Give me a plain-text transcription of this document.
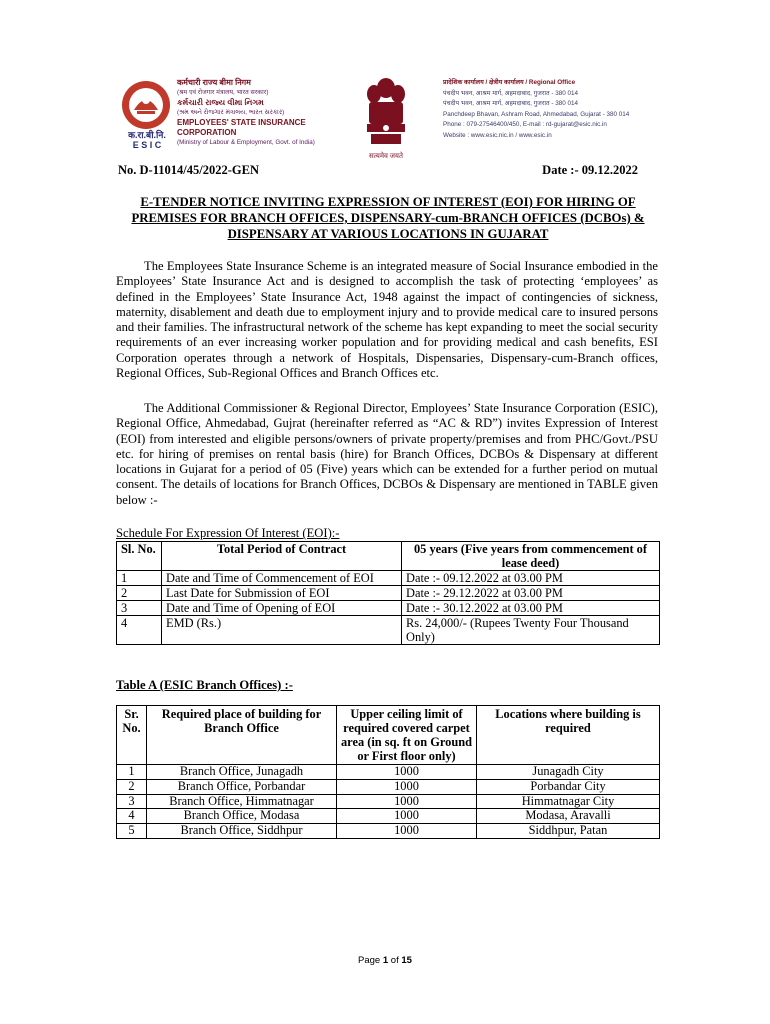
क.रा.बी.नि.
E S I C
कर्मचारी राज्य बीमा निगम
(श्रम एवं रोजगार मंत्रालय, भारत सरकार)
કર્મચારી રાજ્ય વીમા નિગમ
(શ્રમ અને રોજગાર મંત્રાલય, ભારત સરકાર)
EMPLOYEES' STATE INSURANCE CORPORATION
(Ministry of Labour & Employment, Govt. of India)
सत्यमेव जयते
प्रादेशिक कार्यालय / क्षेत्रीय कार्यालय / Regional Office
पंचदीप भवन, आश्रम मार्ग, अहमदाबाद, गुजरात - 380 014
पंचदीप भवन, आश्रम मार्ग, अहमदाबाद, गुजरात - 380 014
Panchdeep Bhavan, Ashram Road, Ahmedabad, Gujarat - 380 014
Phone : 079-27546400/450, E-mail : rd-gujarat@esic.nic.in
Website : www.esic.nic.in / www.esic.in
No. D-11014/45/2022-GEN	Date :- 09.12.2022
E-TENDER NOTICE INVITING EXPRESSION OF INTEREST (EOI) FOR HIRING OF PREMISES FOR BRANCH OFFICES, DISPENSARY-cum-BRANCH OFFICES (DCBOs) & DISPENSARY AT VARIOUS LOCATIONS IN GUJARAT

The Employees State Insurance Scheme is an integrated measure of Social Insurance embodied in the Employees’ State Insurance Act and is designed to accomplish the task of protecting ‘employees’ as defined in the Employees’ State Insurance Act, 1948 against the impact of contingencies of sickness, maternity, disablement and death due to employment injury and to provide medical care to insured persons and their families. The infrastructural network of the scheme has kept expanding to meet the social security requirements of an ever increasing worker population and for providing medical and cash benefits, ESI Corporation operates through a network of Hospitals, Dispensaries, Dispensary-cum-Branch offices, Regional Offices, Sub-Regional Offices and Branch Offices etc.

The Additional Commissioner & Regional Director, Employees’ State Insurance Corporation (ESIC), Regional Office, Ahmedabad, Gujrat (hereinafter referred as “AC & RD”) invites Expression of Interest (EOI) from interested and eligible persons/owners of private property/premises and from PHC/Govt./PSU etc. for hiring of premises on rental basis (hire) for Branch Offices, DCBOs & Dispensary at different locations in Gujarat for a period of 05 (Five) years which can be extended for a further period on mutual consent. The details of locations for Branch Offices, DCBOs & Dispensary are mentioned in TABLE given below :-

Schedule For Expression Of Interest (EOI):-
Sl. No.	Total Period of Contract	05 years (Five years from commencement of lease deed)
1	Date and Time of Commencement of EOI	Date :- 09.12.2022 at 03.00 PM
2	Last Date for Submission of EOI	Date :- 29.12.2022 at 03.00 PM
3	Date and Time of Opening of EOI	Date :- 30.12.2022 at 03.00 PM
4	EMD (Rs.)	Rs. 24,000/- (Rupees Twenty Four Thousand Only)
Table A (ESIC Branch Offices) :-
Sr. No.	Required place of building for Branch Office	Upper ceiling limit of required covered carpet area (in sq. ft on Ground or First floor only)	Locations where building is required
1	Branch Office, Junagadh	1000	Junagadh City
2	Branch Office, Porbandar	1000	Porbandar City
3	Branch Office, Himmatnagar	1000	Himmatnagar City
4	Branch Office, Modasa	1000	Modasa, Aravalli
5	Branch Office, Siddhpur	1000	Siddhpur, Patan
Page 1 of 15
